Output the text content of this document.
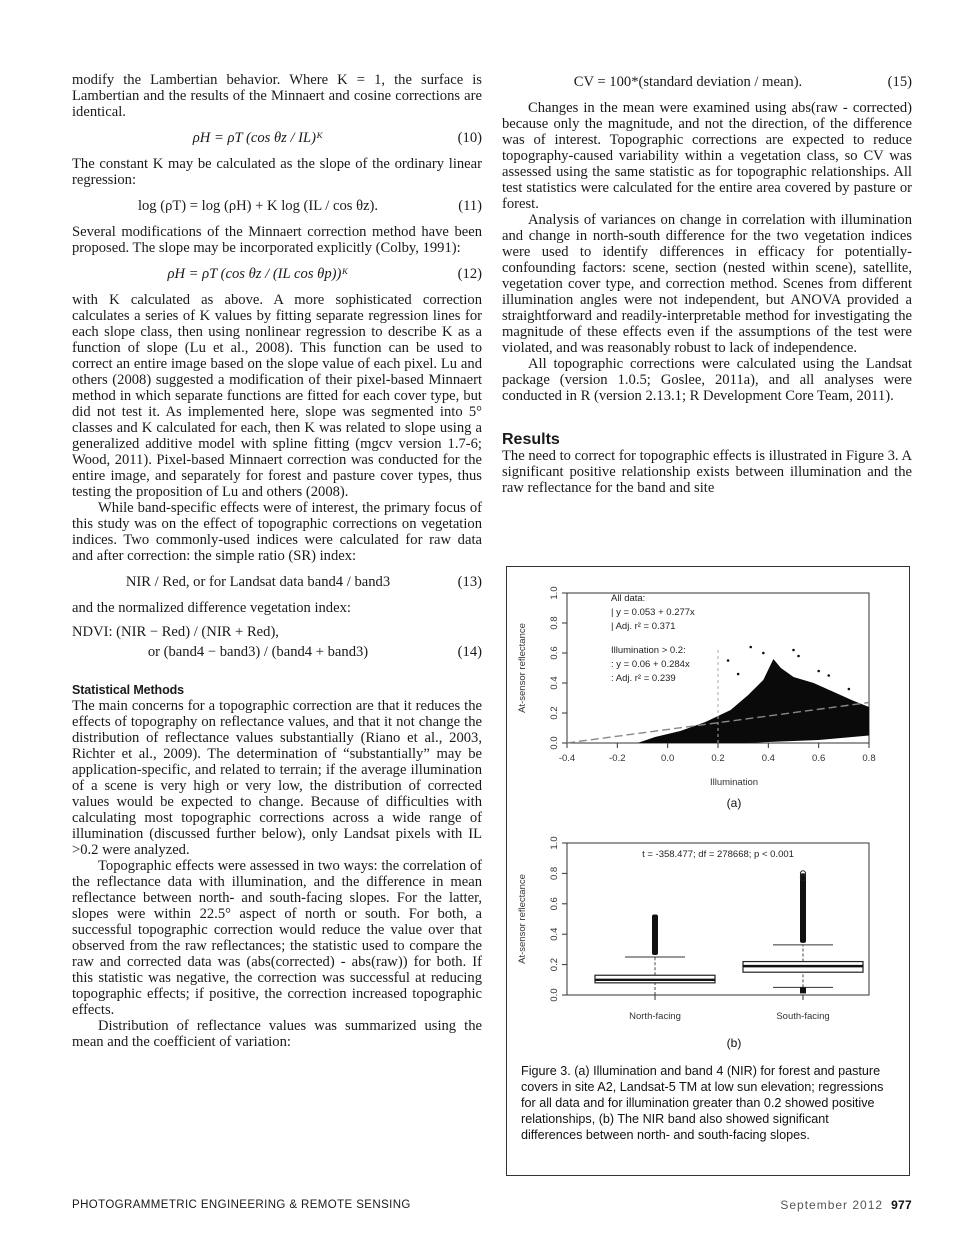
modify the Lambertian behavior. Where K = 1, the surface is Lambertian and the results of the Minnaert and cosine corrections are identical.

ρH = ρT (cos θz / IL)ᴷ	(10)

The constant K may be calculated as the slope of the ordinary linear regression:

log (ρT) = log (ρH) + K log (IL / cos θz).	(11)

Several modifications of the Minnaert correction method have been proposed. The slope may be incorporated explicitly (Colby, 1991):

ρH = ρT (cos θz / (IL cos θp))ᴷ	(12)

with K calculated as above. A more sophisticated correction calculates a series of K values by fitting separate regression lines for each slope class, then using nonlinear regression to describe K as a function of slope (Lu et al., 2008). This function can be used to correct an entire image based on the slope value of each pixel. Lu and others (2008) suggested a modification of their pixel-based Minnaert method in which separate functions are fitted for each cover type, but did not test it. As implemented here, slope was segmented into 5° classes and K calculated for each, then K was related to slope using a generalized additive model with spline fitting (mgcv version 1.7-6; Wood, 2011). Pixel-based Minnaert correction was conducted for the entire image, and separately for forest and pasture cover types, thus testing the proposition of Lu and others (2008).

While band-specific effects were of interest, the primary focus of this study was on the effect of topographic corrections on vegetation indices. Two commonly-used indices were calculated for raw data and after correction: the simple ratio (SR) index:

NIR / Red, or for Landsat data band4 / band3	(13)

and the normalized difference vegetation index:

NDVI: (NIR − Red) / (NIR + Red),

or (band4 − band3) / (band4 + band3)	(14)
Statistical Methods

The main concerns for a topographic correction are that it reduces the effects of topography on reflectance values, and that it not change the distribution of reflectance values substantially (Riano et al., 2003, Richter et al., 2009). The determination of “substantially” may be application-specific, and related to terrain; if the average illumination of a scene is very high or very low, the distribution of corrected values would be expected to change. Because of difficulties with calculating most topographic corrections across a wide range of illumination (discussed further below), only Landsat pixels with IL >0.2 were analyzed.

Topographic effects were assessed in two ways: the correlation of the reflectance data with illumination, and the difference in mean reflectance between north- and south-facing slopes. For the latter, slopes were within 22.5° aspect of north or south. For both, a successful topographic correction would reduce the value over that observed from the raw reflectances; the statistic used to compare the raw and corrected data was (abs(corrected) - abs(raw)) for both. If this statistic was negative, the correction was successful at reducing topographic effects; if positive, the correction increased topographic effects.

Distribution of reflectance values was summarized using the mean and the coefficient of variation:

CV = 100*(standard deviation / mean).	(15)

Changes in the mean were examined using abs(raw - corrected) because only the magnitude, and not the direction, of the difference was of interest. Topographic corrections are expected to reduce topography-caused variability within a vegetation class, so CV was assessed using the same statistic as for topographic relationships. All test statistics were calculated for the entire area covered by pasture or forest.

Analysis of variances on change in correlation with illumination and change in north-south difference for the two vegetation indices were used to identify differences in efficacy for potentially-confounding factors: scene, section (nested within scene), satellite, vegetation cover type, and correction method. Scenes from different illumination angles were not independent, but ANOVA provided a straightforward and readily-interpretable method for investigating the magnitude of these effects even if the assumptions of the test were violated, and was reasonably robust to lack of independence.

All topographic corrections were calculated using the Landsat package (version 1.0.5; Goslee, 2011a), and all analyses were conducted in R (version 2.13.1; R Development Core Team, 2011).

Results

The need to correct for topographic effects is illustrated in Figure 3. A significant positive relationship exists between illumination and the raw reflectance for the band and site

All data:
| y = 0.053 + 0.277x
| Adj. r² = 0.371
Illumination > 0.2:
: y = 0.06 + 0.284x
: Adj. r² = 0.239
0.0
0.2
0.4
0.6
0.8
1.0
-0.4	-0.2	0.0	0.2	0.4	0.6	0.8
At-sensor reflectance
Illumination
(a)
t = -358.477; df = 278668; p < 0.001
0.0
0.2
0.4
0.6
0.8
1.0
North-facing	South-facing
At-sensor reflectance
(b)

Figure 3. (a) Illumination and band 4 (NIR) for forest and pasture covers in site A2, Landsat-5 TM at low sun elevation; regressions for all data and for illumination greater than 0.2 showed positive relationships, (b) The NIR band also showed significant differences between north- and south-facing slopes.

PHOTOGRAMMETRIC ENGINEERING & REMOTE SENSING	September 2012 977
